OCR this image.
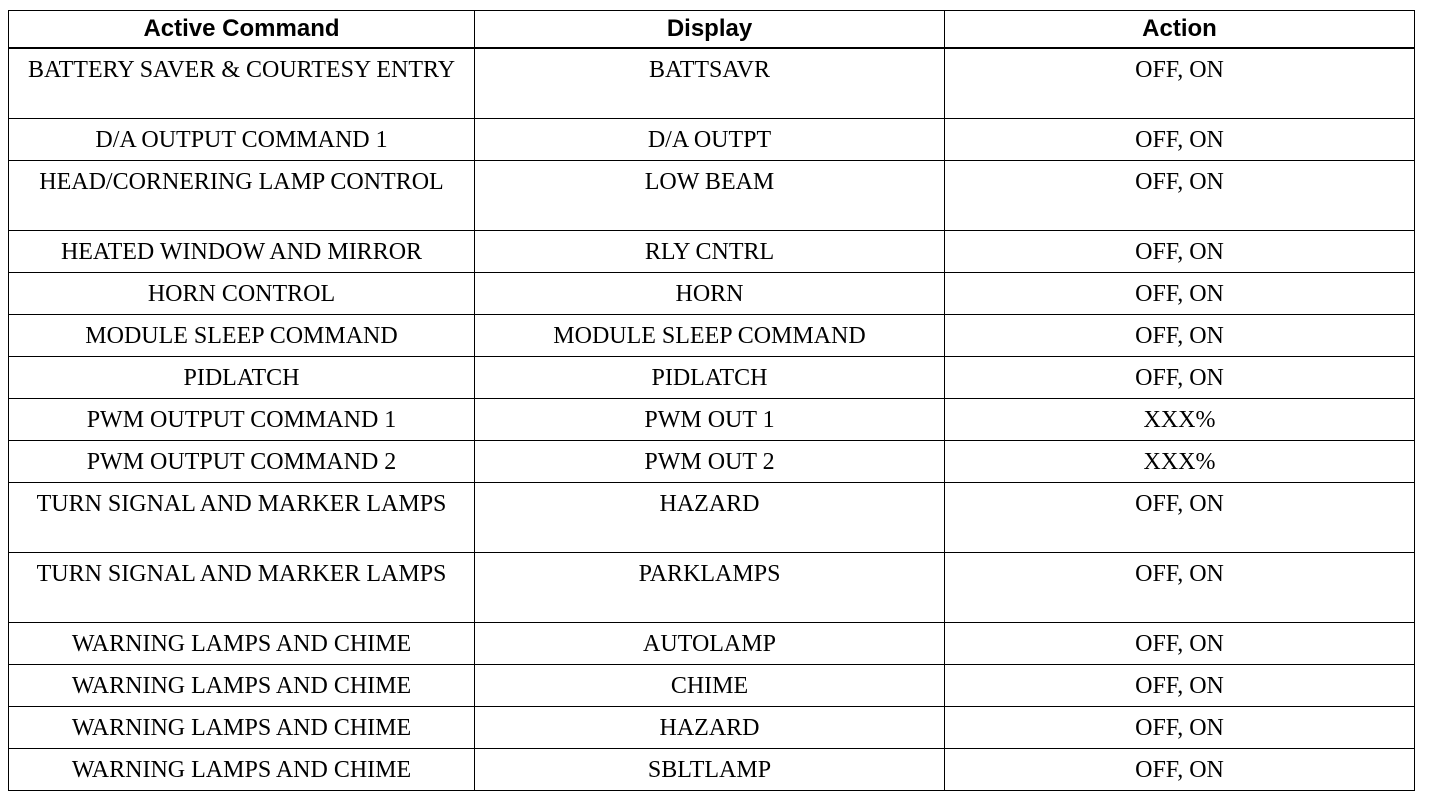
Active Command	Display	Action
BATTERY SAVER & COURTESY ENTRY	BATTSAVR	OFF, ON
D/A OUTPUT COMMAND 1	D/A OUTPT	OFF, ON
HEAD/CORNERING LAMP CONTROL	LOW BEAM	OFF, ON
HEATED WINDOW AND MIRROR	RLY CNTRL	OFF, ON
HORN CONTROL	HORN	OFF, ON
MODULE SLEEP COMMAND	MODULE SLEEP COMMAND	OFF, ON
PIDLATCH	PIDLATCH	OFF, ON
PWM OUTPUT COMMAND 1	PWM OUT 1	XXX%
PWM OUTPUT COMMAND 2	PWM OUT 2	XXX%
TURN SIGNAL AND MARKER LAMPS	HAZARD	OFF, ON
TURN SIGNAL AND MARKER LAMPS	PARKLAMPS	OFF, ON
WARNING LAMPS AND CHIME	AUTOLAMP	OFF, ON
WARNING LAMPS AND CHIME	CHIME	OFF, ON
WARNING LAMPS AND CHIME	HAZARD	OFF, ON
WARNING LAMPS AND CHIME	SBLTLAMP	OFF, ON
